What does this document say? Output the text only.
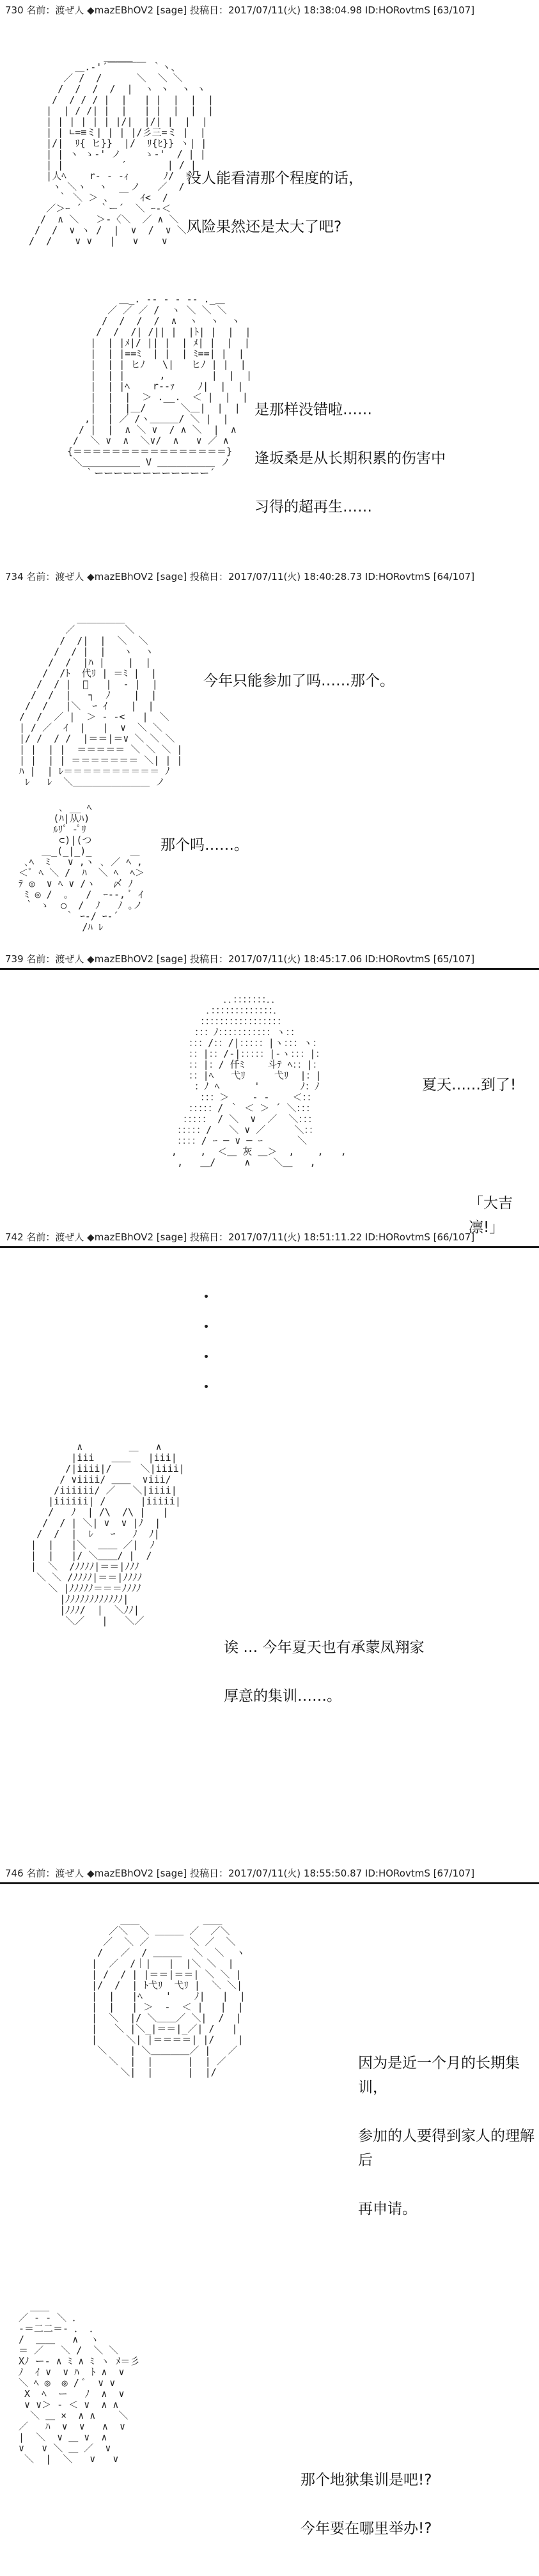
730 名前：渡ぜ人 ◆mazEBhOV2 [sage] 投稿日：2017/07/11(火) 18:38:04.98 ID:HORovtmS [63/107]
_____
＿.-'´￣￣￣￣ ｀ヽ、
／ /  /      ＼  ＼ ＼
/  /  /  /  |  ヽ ヽ  ヽ ヽ
/  / / / |  |   | |  |  |  |
|  | / /| |  |   | |  |  |  |
| | | | | | |/|  |/| |  |  |
| | ∟=≡ミ| | | |/彡三=ミ |  |
|/|  ﾘ{ ヒ}}  |/  ﾘ{ﾋ}} ヽ| |
| | ヽ ゝ-' ノ    ゝ-'  / | |
| |          ′       | / |
|人ﾍ    r- - -ｨ      ﾉ/  ﾘ
ヽ ＼ヽ  ヽ    ノ   ／  /
｀ ＼ ＞ 、 ￣  ｲ<  /
／＞ｰ ´   ｀ー´  ＼ ｰ‐＜
/  ∧ ＼   ＞-〈＼  ／ ∧ ＼
/  /  ∨ ヽ /  |  ∨  /  ∨ ＼
/  /    ∨ ∨   |   ∨    ∨

没人能看清那个程度的话，

风险果然还是太大了吧?

＿_. -- ‐ ‐ -- ._＿
／ ／ ／ /  ヽ ＼ ＼ ＼
/  /  /  /  ∧  ヽ  ヽ  ヽ
/  /  /| /|| |  |ﾄ| |  |  |
|  | |ﾒ|/ || |  | ﾒ| |  |  |
|  | |==ﾐ  | |  | ﾐ==| |  |
|  | | ヒﾉ   \|   ヒﾉ | |  |
|  | |      ,        |  |  |
|  | |ﾍ    r--ｧ    ﾉ|  |  |
|  |  |  ＞ .__.  ＜ |  |  |
|  |  |＿/      ＼＿|  |  |
,|  | ／ /ヽ＿＿＿/ ＼ |  |
/ |  |  ∧ ＼ ∨  / ∧ ＼  |  ∧
/  ＼ ∨  ∧  ＼∨/  ∧   ∨ ／ ∧
{＝＝＝＝＝＝＝＝＝＝＝＝＝＝＝＝}
＼＿＿＿＿＿＿ V ＿＿＿＿＿＿ ノ
｀ーーーーーーーーーーーー´

是那样没错啦……

逢坂桑是从长期积累的伤害中

习得的超再生……

734 名前：渡ぜ人 ◆mazEBhOV2 [sage] 投稿日：2017/07/11(火) 18:40:28.73 ID:HORovtmS [64/107]
＿＿＿＿＿
／      　 ＼
/  /|  |  ＼  ＼
/  / |  |   ヽ  ヽ
/  /  |ﾊ |    |  |
/  /ﾄ  代ﾘ | ＝ﾐ |  |
/  / |  ﾟ   |  ‐ |  |
/  /  |   ┐  ﾉ    |  |
/  /   |＼  ｰ ｲ    |  |
/  /  ／ |  ＞ ‐ ‐<   |  ＼
| / ／  ｲ  |   |  ∨  ＼ ＼
|/ /  / /  |＝＝|＝∨ ＼ ＼ ＼
| |  | |  ＝＝＝＝＝ ＼ ＼ ＼ |
| |  | | ＝＝＝＝＝＝＝ ＼| | |
ﾊ |  | ﾚ＝＝＝＝＝＝＝＝＝＝ ﾉ
ﾚ   ﾚ  ＼＿＿＿＿＿＿＿＿ ノ

今年只能参加了吗……那个。

､ __ ﾍ
(ﾊ|从ﾊ)
ﾙﾘﾟ -ﾟﾘ
⊂)|(つ
＿_(_|_)_  　   ＿
､ﾍ  ﾐ   ∨ ,ヽ ､ ／ ﾍ ,
＜ﾞ ﾍ ＼ /  ﾊ  ＼ ﾍ  ﾍ＞
ﾃ ◎  ∨ ﾍ ∨ /ヽ   〆 ﾉ
ﾐ ◎ /  ｡   /  ｰ--, ﾞ ｲ
｀ ゝ  ○  /  ﾉ   ﾉ ｡ノ
｀ ｰ‐/ ｰ‐´
/ﾊ ﾚ

那个吗……。

739 名前：渡ぜ人 ◆mazEBhOV2 [sage] 投稿日：2017/07/11(火) 18:45:17.06 ID:HORovtmS [65/107]
．．：：：：：：：．．
．：：：：：：：：：：：：：．
：：：：：：：：：：：：：：：：：
：：：ﾉ：：：：：：：：：：：ヽ：：
：：：/：：/|：：：：：|ヽ：：：ヽ：
：：|：：/‐|：：：：：|‐ヽ：：：|：
：：|：/ 仟ﾐ    斗ﾃ ﾍ：：|：
：：|ﾍ   弋ﾘ     弋ﾘ  |：|
：ﾉ ﾍ      '       ﾉ：ﾉ
：：：＞    ‐ ‐    ＜：：
：：：：：/ ｀ ＜ ＞ ´ ＼：：：
：：：：： / ＼  ∨  ／  ＼：：：
：：：：：/   ＼ ∨ ／     ＼：：
：：：：/ ｰ ─ ∨ ─ ｰ      ＼
,    ,  ＜＿ 灰 ＿＞  ,    ,   ,
,   ＿/     ∧    ＼＿   ,

夏天……到了!

「大吉凛!」

742 名前：渡ぜ人 ◆mazEBhOV2 [sage] 投稿日：2017/07/11(火) 18:51:11.22 ID:HORovtmS [66/107]
∧        ＿   ∧
|iii   ＿＿   |iii|
/|iiii|/     ＼|iiii|
/ ∨iiii/ ＿＿  ∨iii/
/iiiiii/ ／   ＼|iiii|
|iiiiii| /      |iiiii|
/   ﾉ  | /\  /\ |   |
/  / | ＼| ∨  ∨ |ﾉ  |
/  /  |  ﾚ   ｰ   ﾉ  ﾉ|
|  |   |＼  ＿＿ ／|  ﾉ
|  |   |/ ＼＿＿/ |  /
|  ＼  /ﾉﾉﾉﾉ|＝＝|ﾉﾉﾉ
＼ ＼ /ﾉﾉﾉﾉ|＝＝|ﾉﾉﾉﾉ
＼ |ﾉﾉﾉﾉﾉ＝＝＝ﾉﾉﾉﾉ
|ﾉﾉﾉﾉﾉﾉﾉﾉﾉﾉﾉﾉ|
|ﾉﾉﾉ/  |  ＼ﾉﾉ|
＼／   |   ＼／

诶 … 今年夏天也有承蒙凤翔家

厚意的集训……。

746 名前：渡ぜ人 ◆mazEBhOV2 [sage] 投稿日：2017/07/11(火) 18:55:50.87 ID:HORovtmS [67/107]
＿＿           ＿＿
／＼  ＼ ＿＿＿ ／  ／＼
／  ＼ ／       ＼ ／  ＼
/   ／  / ＿＿＿  ＼  ＼  ヽ
|  ／  /｜|   |  |＼ ＼  |
| /  / | |＝＝|＝＝| ＼ ＼ |
|/  /  | ﾄ弋ﾘ  弋ﾘ |  ＼ ＼|
|  |   |ﾍ    '    ﾉ|   |  |
|  |   | ＞  ‐  ＜ |   |  |
|  ＼  |/ ＼＿＿／ ＼|  /  |
|   ＼ |＼_|＝＝|_／| /   |
|     ＼| |＝＝＝＝| |/    |
＼    | ＼＿＿＿＿／ |   ／
＼  |  |      |  | ／
＼|  |      |  |/

因为是近一个月的长期集训，

参加的人要得到家人的理解后

再申请。

＿＿
／ ‐ ‐ ＼ ．
‐＝二二＝‐ ． ．
/  ＿＿   ∧  ヽ
＝ ／   ＼ /  ＼ ＼
Xﾉ ー‐ ∧ ﾐ ∧ ﾐ ヽ ﾒ＝彡
ﾉ  ｲ ∨  ∨ ﾊ  ﾄ ∧  ∨
＼ ﾍ ◎  ◎ / ﾞ  ∨ ∨
X  ﾍ  ー   ﾉ  ∧  ∨
∨ ∨＞ - ＜ ∨  ∧ ∧
＼ ＿ ×  ∧ ∧    ＼
／   ﾊ  ∨  ∨   ∧  ∨
|  ＼  ∨ ＿ ∨  ∧
∨   ∨ ＼ ＿ ／  ∨
＼  |  ＼   ∨   ∨

那个地狱集训是吧!?

今年要在哪里举办!?
